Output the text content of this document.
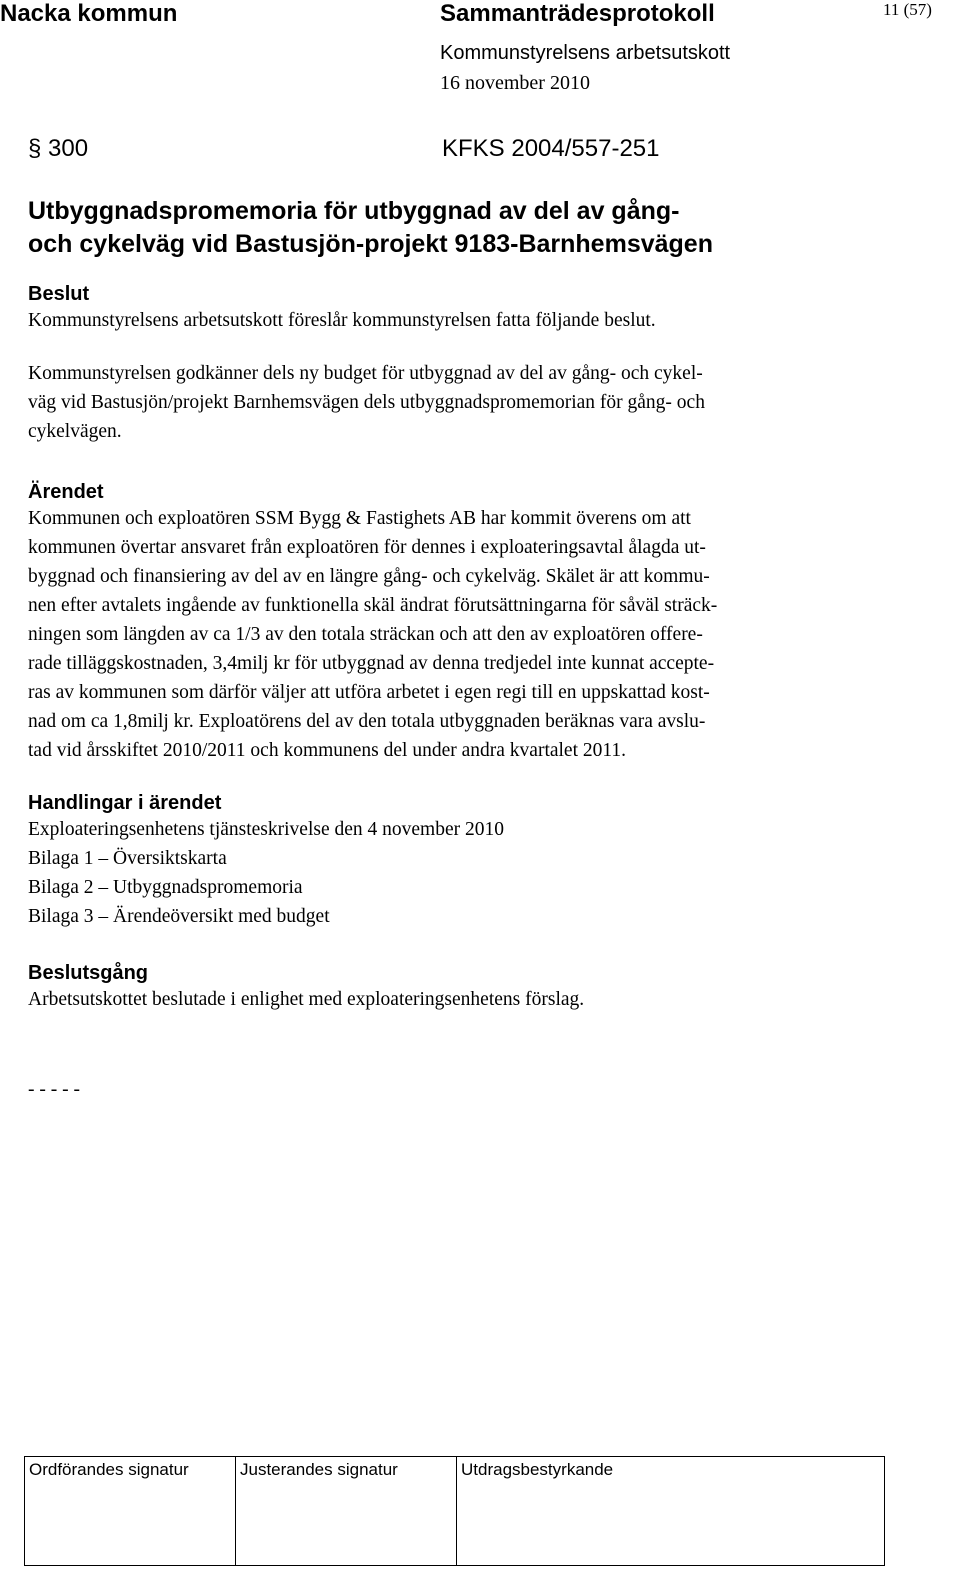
Nacka kommun	Sammanträdesprotokoll	11 (57)
Kommunstyrelsens arbetsutskott
16 november 2010
§ 300	KFKS 2004/557-251
Utbyggnadspromemoria för utbyggnad av del av gång-
och cykelväg vid Bastusjön-projekt 9183-Barnhemsvägen
Beslut
Kommunstyrelsens arbetsutskott föreslår kommunstyrelsen fatta följande beslut.
Kommunstyrelsen godkänner dels ny budget för utbyggnad av del av gång- och cykel-
väg vid Bastusjön/projekt Barnhemsvägen dels utbyggnadspromemorian för gång- och
cykelvägen.
Ärendet
Kommunen och exploatören SSM Bygg & Fastighets AB har kommit överens om att
kommunen övertar ansvaret från exploatören för dennes i exploateringsavtal ålagda ut-
byggnad och finansiering av del av en längre gång- och cykelväg. Skälet är att kommu-
nen efter avtalets ingående av funktionella skäl ändrat förutsättningarna för såväl sträck-
ningen som längden av ca 1/3 av den totala sträckan och att den av exploatören offere-
rade tilläggskostnaden, 3,4milj kr för utbyggnad av denna tredjedel inte kunnat accepte-
ras av kommunen som därför väljer att utföra arbetet i egen regi till en uppskattad kost-
nad om ca 1,8milj kr. Exploatörens del av den totala utbyggnaden beräknas vara avslu-
tad vid årsskiftet 2010/2011 och kommunens del under andra kvartalet 2011.
Handlingar i ärendet
Exploateringsenhetens tjänsteskrivelse den 4 november 2010
Bilaga 1 – Översiktskarta
Bilaga 2 – Utbyggnadspromemoria
Bilaga 3 – Ärendeöversikt med budget
Beslutsgång
Arbetsutskottet beslutade i enlighet med exploateringsenhetens förslag.
- - - - -
Ordförandes signatur	Justerandes signatur	Utdragsbestyrkande
